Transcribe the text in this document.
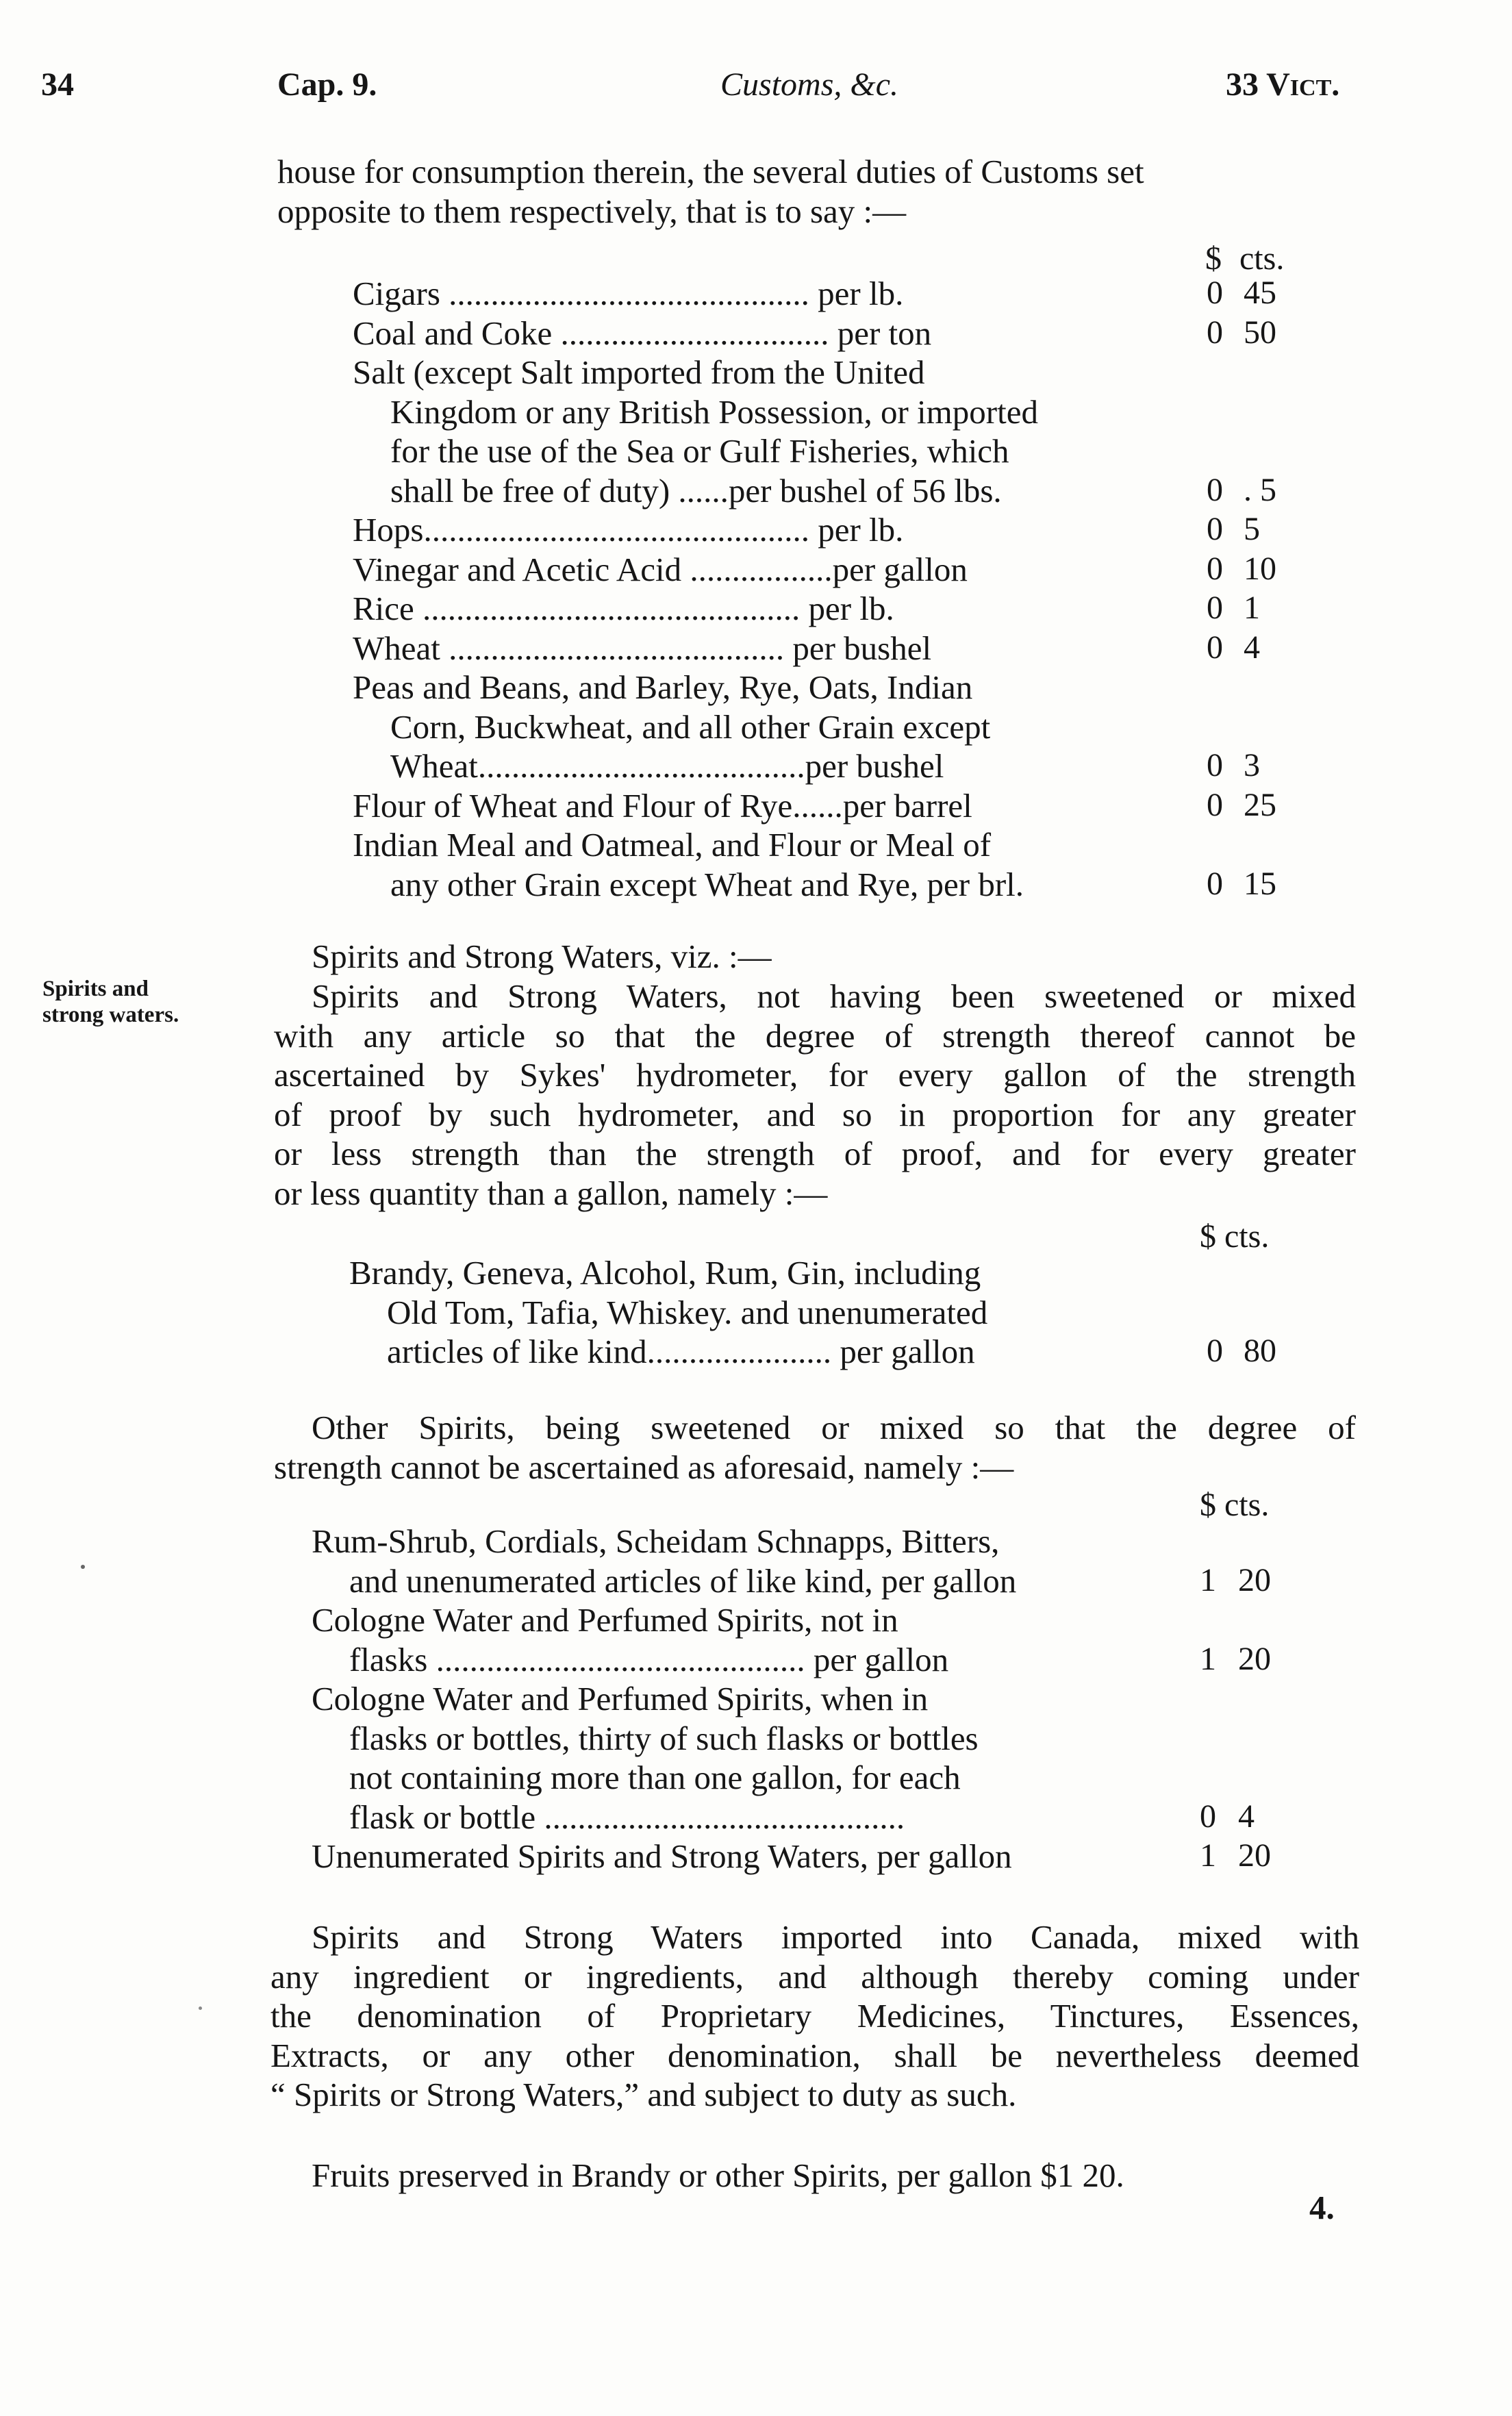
34	Cap. 9.	Customs, &c.	33 Vict.
house for consumption therein, the several duties of Customs set
opposite to them respectively, that is to say :—
$ cts.
Cigars ........................................... per lb.	0 45
Coal and Coke ................................ per ton	0 50
Salt (except Salt imported from the United
Kingdom or any British Possession, or imported
for the use of the Sea or Gulf Fisheries, which
shall be free of duty) ......per bushel of 56 lbs.	0 . 5
Hops.............................................. per lb.	0 5
Vinegar and Acetic Acid .................per gallon	0 10
Rice ............................................. per lb.	0 1
Wheat ........................................ per bushel	0 4
Peas and Beans, and Barley, Rye, Oats, Indian
Corn, Buckwheat, and all other Grain except
Wheat.......................................per bushel	0 3
Flour of Wheat and Flour of Rye......per barrel	0 25
Indian Meal and Oatmeal, and Flour or Meal of
any other Grain except Wheat and Rye, per brl.	0 15
Spirits and Strong Waters, viz. :—
Spirits and
strong waters.	Spirits and Strong Waters, not having been sweetened or mixed
with any article so that the degree of strength thereof cannot be
ascertained by Sykes' hydrometer, for every gallon of the strength
of proof by such hydrometer, and so in proportion for any greater
or less strength than the strength of proof, and for every greater
or less quantity than a gallon, namely :—
$ cts.
Brandy, Geneva, Alcohol, Rum, Gin, including
Old Tom, Tafia, Whiskey. and unenumerated
articles of like kind...................... per gallon	0 80
Other Spirits, being sweetened or mixed so that the degree of
strength cannot be ascertained as aforesaid, namely :—
$ cts.
Rum-Shrub, Cordials, Scheidam Schnapps, Bitters,
and unenumerated articles of like kind, per gallon	1 20
Cologne Water and Perfumed Spirits, not in
flasks ............................................ per gallon	1 20
Cologne Water and Perfumed Spirits, when in
flasks or bottles, thirty of such flasks or bottles
not containing more than one gallon, for each
flask or bottle ...........................................	0 4
Unenumerated Spirits and Strong Waters, per gallon	1 20
Spirits and Strong Waters imported into Canada, mixed with
any ingredient or ingredients, and although thereby coming under
the denomination of Proprietary Medicines, Tinctures, Essences,
Extracts, or any other denomination, shall be nevertheless deemed
“ Spirits or Strong Waters,” and subject to duty as such.
Fruits preserved in Brandy or other Spirits, per gallon $1 20.
4.
